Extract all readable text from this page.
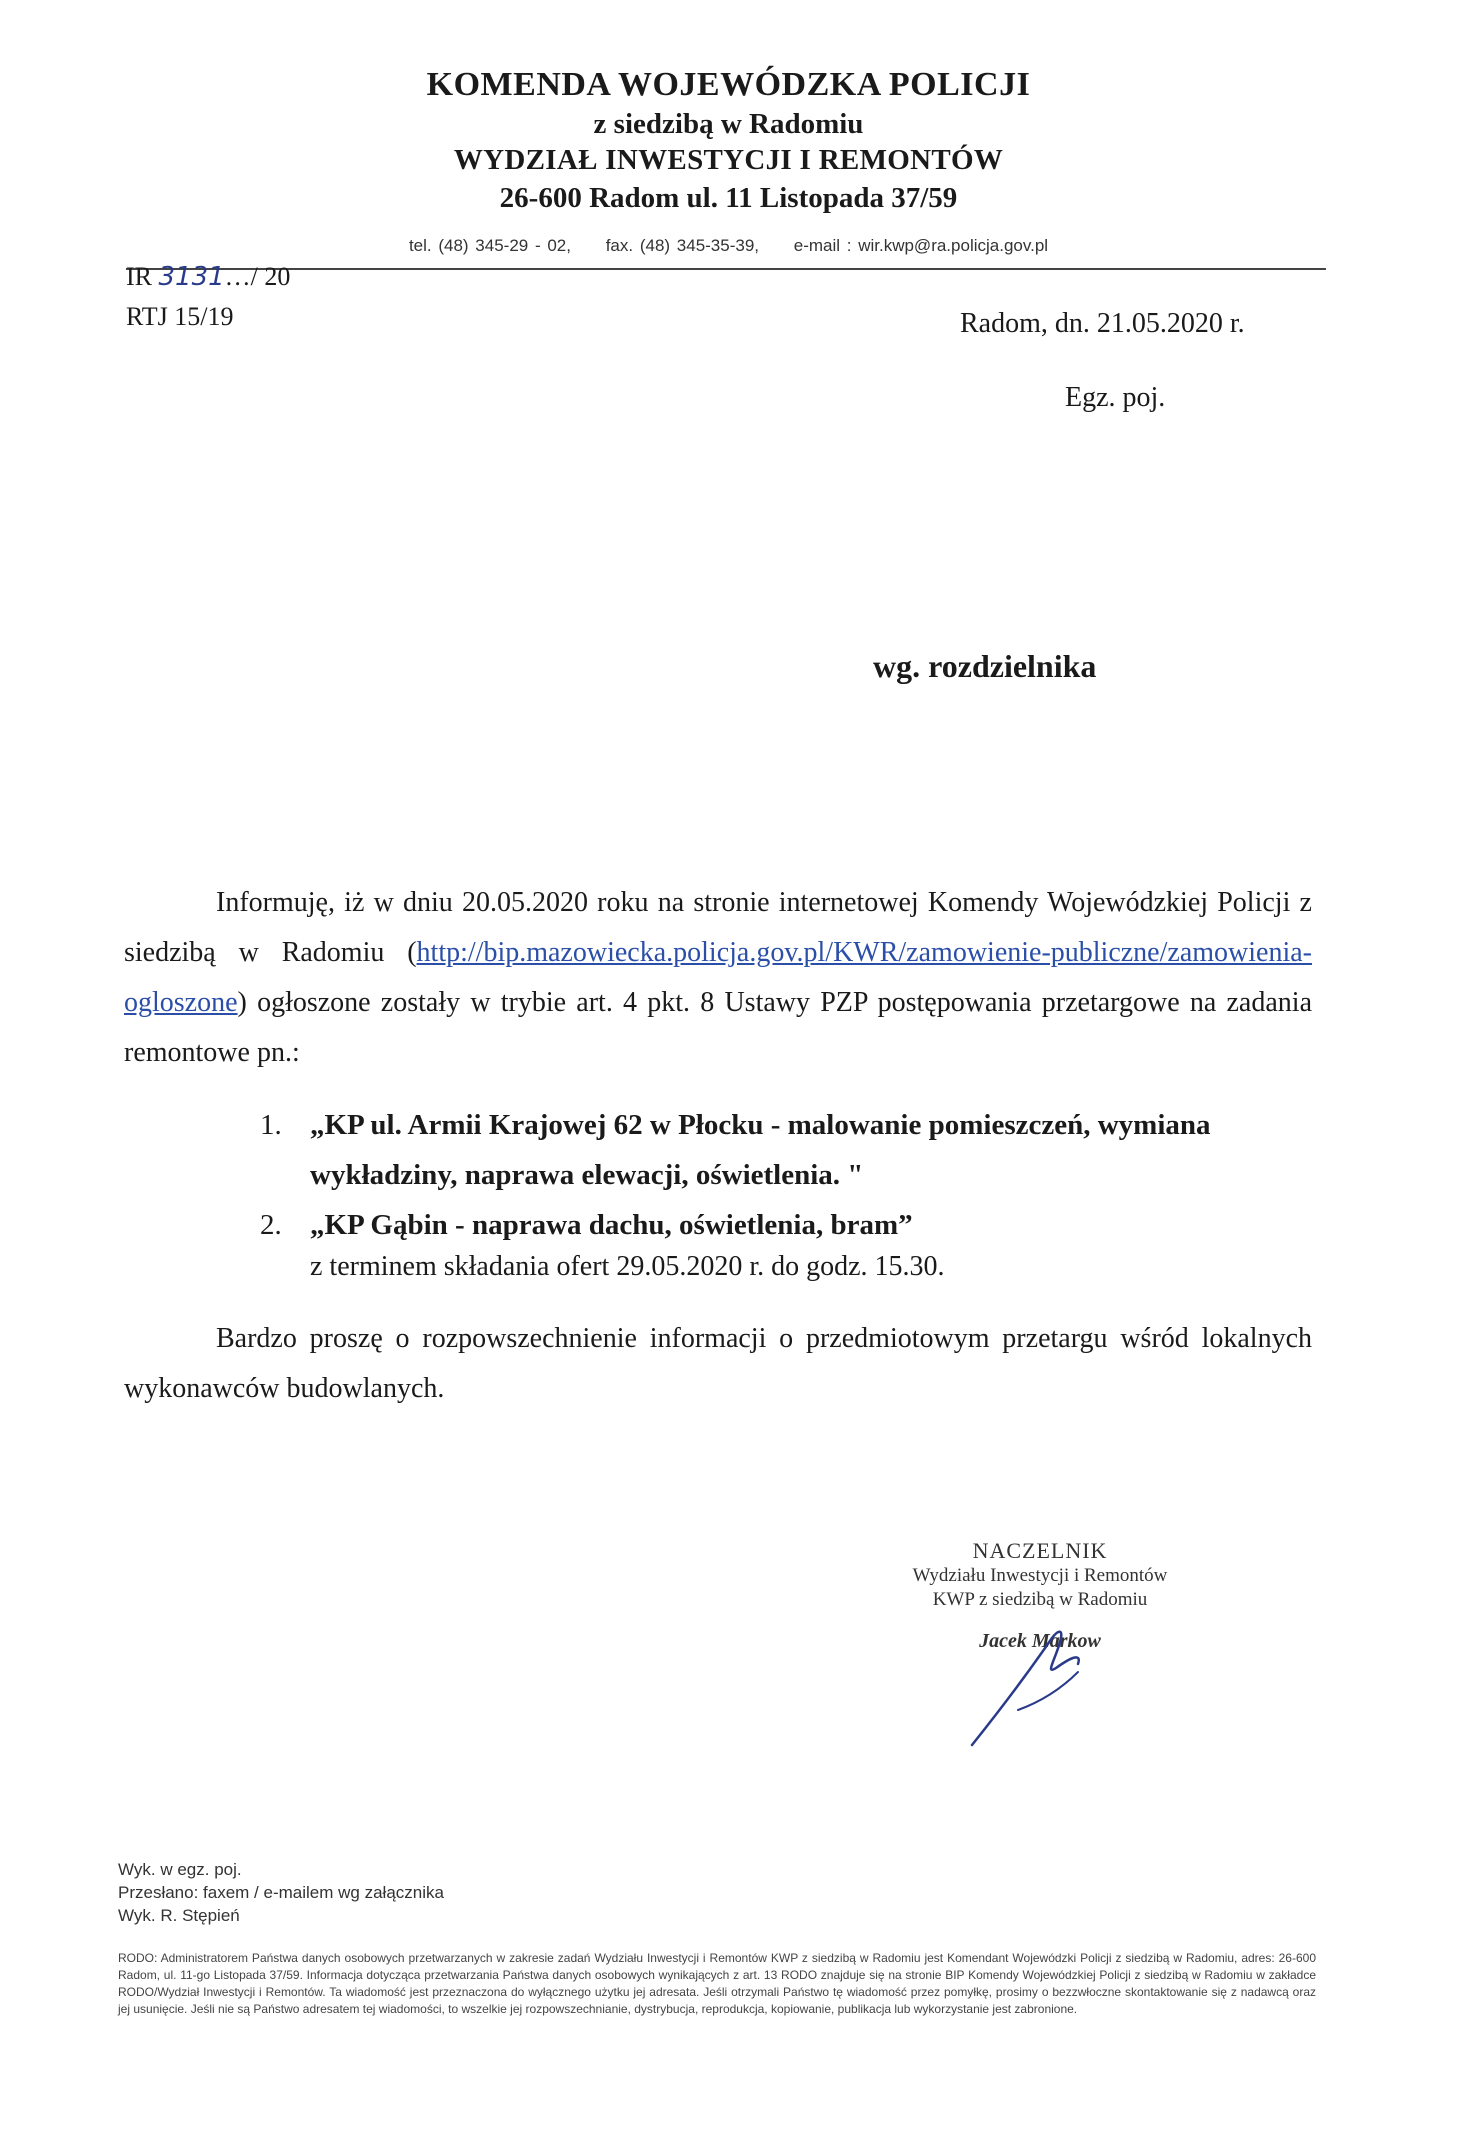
KOMENDA WOJEWÓDZKA POLICJI
z siedzibą w Radomiu
WYDZIAŁ INWESTYCJI I REMONTÓW
26-600 Radom ul. 11 Listopada 37/59
tel. (48) 345-29 - 02, fax. (48) 345-35-39, e-mail : wir.kwp@ra.policja.gov.pl
IR 3131…/ 20
RTJ 15/19	Radom, dn. 21.05.2020 r.
Egz. poj.
wg. rozdzielnika
Informuję, iż w dniu 20.05.2020 roku na stronie internetowej Komendy Wojewódzkiej Policji z siedzibą w Radomiu (http://bip.mazowiecka.policja.gov.pl/KWR/zamowienie-publiczne/zamowienia-ogloszone) ogłoszone zostały w trybie art. 4 pkt. 8 Ustawy PZP postępowania przetargowe na zadania remontowe pn.:
1. „KP ul. Armii Krajowej 62 w Płocku - malowanie pomieszczeń, wymiana wykładziny, naprawa elewacji, oświetlenia. "
2. „KP Gąbin - naprawa dachu, oświetlenia, bram”
z terminem składania ofert 29.05.2020 r. do godz. 15.30.
Bardzo proszę o rozpowszechnienie informacji o przedmiotowym przetargu wśród lokalnych wykonawców budowlanych.
NACZELNIK
Wydziału Inwestycji i Remontów
KWP z siedzibą w Radomiu
Jacek Markow
Wyk. w egz. poj.
Przesłano: faxem / e-mailem wg załącznika
Wyk. R. Stępień
RODO: Administratorem Państwa danych osobowych przetwarzanych w zakresie zadań Wydziału Inwestycji i Remontów KWP z siedzibą w Radomiu jest Komendant Wojewódzki Policji z siedzibą w Radomiu, adres: 26-600 Radom, ul. 11-go Listopada 37/59. Informacja dotycząca przetwarzania Państwa danych osobowych wynikających z art. 13 RODO znajduje się na stronie BIP Komendy Wojewódzkiej Policji z siedzibą w Radomiu w zakładce RODO/Wydział Inwestycji i Remontów. Ta wiadomość jest przeznaczona do wyłącznego użytku jej adresata. Jeśli otrzymali Państwo tę wiadomość przez pomyłkę, prosimy o bezzwłoczne skontaktowanie się z nadawcą oraz jej usunięcie. Jeśli nie są Państwo adresatem tej wiadomości, to wszelkie jej rozpowszechnianie, dystrybucja, reprodukcja, kopiowanie, publikacja lub wykorzystanie jest zabronione.
